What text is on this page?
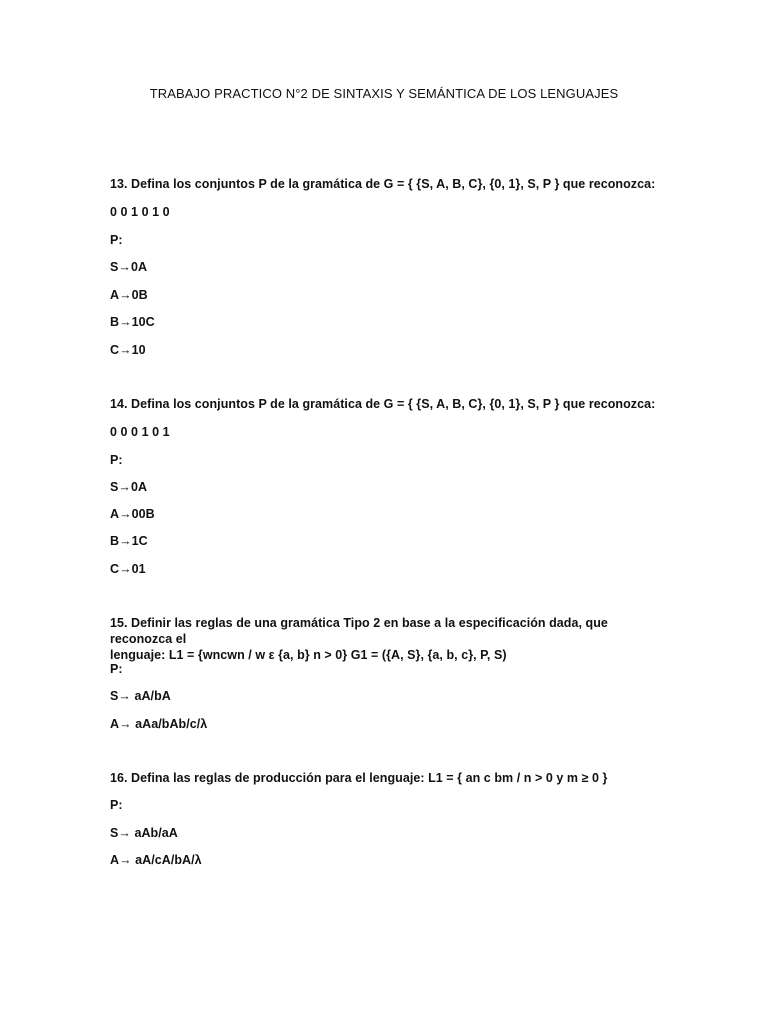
TRABAJO PRACTICO N°2 DE SINTAXIS Y SEMÁNTICA DE LOS LENGUAJES

13. Defina los conjuntos P de la gramática de G = { {S, A, B, C}, {0, 1}, S, P } que reconozca:

0 0 1 0 1 0

P:

S→0A

A→0B

B→10C

C→10

14. Defina los conjuntos P de la gramática de G = { {S, A, B, C}, {0, 1}, S, P } que reconozca:

0 0 0 1 0 1

P:

S→0A

A→00B

B→1C

C→01

15. Definir las reglas de una gramática Tipo 2 en base a la especificación dada, que reconozca el

lenguaje: L1 = {wncwn / w ε {a, b} n > 0} G1 = ({A, S}, {a, b, c}, P, S)

P:

S→ aA/bA

A→ aAa/bAb/c/λ

16. Defina las reglas de producción para el lenguaje: L1 = { an c bm / n > 0 y m ≥ 0 }

P:

S→ aAb/aA

A→ aA/cA/bA/λ
